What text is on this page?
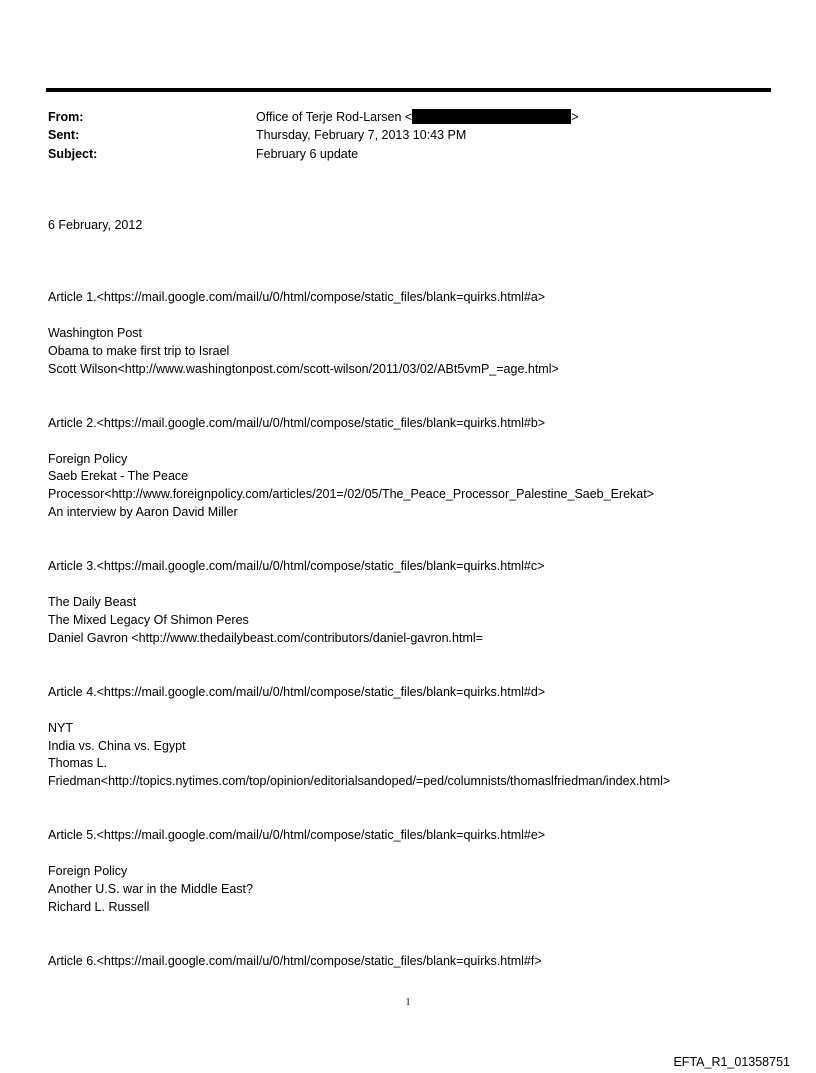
From:	Office of Terje Rod-Larsen <	>
Sent:	Thursday, February 7, 2013 10:43 PM
Subject:	February 6 update
6 February, 2012
Article 1.<https://mail.google.com/mail/u/0/html/compose/static_files/blank=quirks.html#a>
Washington Post
Obama to make first trip to Israel
Scott Wilson<http://www.washingtonpost.com/scott-wilson/2011/03/02/ABt5vmP_=age.html>
Article 2.<https://mail.google.com/mail/u/0/html/compose/static_files/blank=quirks.html#b>
Foreign Policy
Saeb Erekat - The Peace
Processor<http://www.foreignpolicy.com/articles/201=/02/05/The_Peace_Processor_Palestine_Saeb_Erekat>
An interview by Aaron David Miller
Article 3.<https://mail.google.com/mail/u/0/html/compose/static_files/blank=quirks.html#c>
The Daily Beast
The Mixed Legacy Of Shimon Peres
Daniel Gavron <http://www.thedailybeast.com/contributors/daniel-gavron.html=
Article 4.<https://mail.google.com/mail/u/0/html/compose/static_files/blank=quirks.html#d>
NYT
India vs. China vs. Egypt
Thomas L.
Friedman<http://topics.nytimes.com/top/opinion/editorialsandoped/=ped/columnists/thomaslfriedman/index.html>
Article 5.<https://mail.google.com/mail/u/0/html/compose/static_files/blank=quirks.html#e>
Foreign Policy
Another U.S. war in the Middle East?
Richard L. Russell
Article 6.<https://mail.google.com/mail/u/0/html/compose/static_files/blank=quirks.html#f>
1
EFTA_R1_01358751
